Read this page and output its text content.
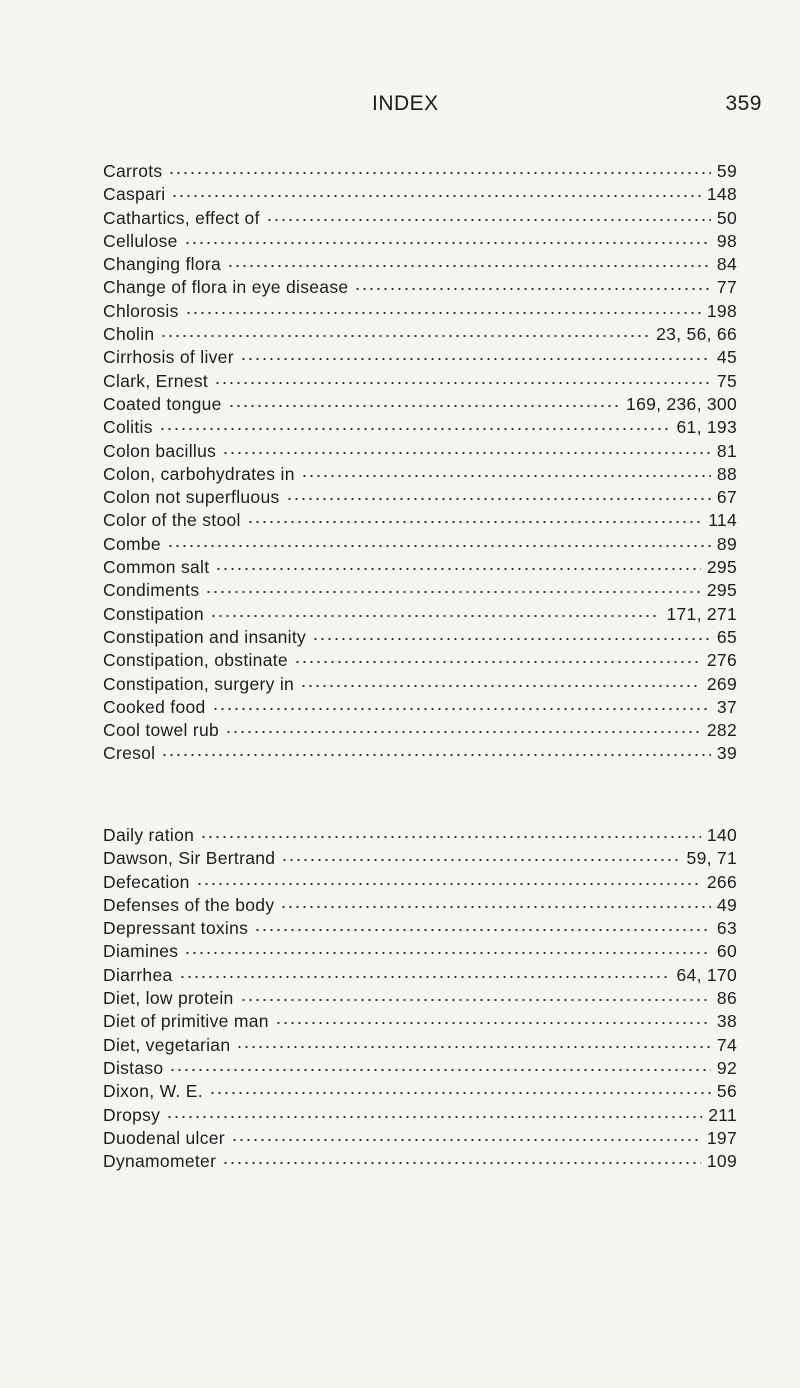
INDEX	359
Carrots	59
Caspari	148
Cathartics, effect of	50
Cellulose	98
Changing flora	84
Change of flora in eye disease	77
Chlorosis	198
Cholin	23, 56, 66
Cirrhosis of liver	45
Clark, Ernest	75
Coated tongue	169, 236, 300
Colitis	61, 193
Colon bacillus	81
Colon, carbohydrates in	88
Colon not superfluous	67
Color of the stool	114
Combe	89
Common salt	295
Condiments	295
Constipation	171, 271
Constipation and insanity	65
Constipation, obstinate	276
Constipation, surgery in	269
Cooked food	37
Cool towel rub	282
Cresol	39
Daily ration	140
Dawson, Sir Bertrand	59, 71
Defecation	266
Defenses of the body	49
Depressant toxins	63
Diamines	60
Diarrhea	64, 170
Diet, low protein	86
Diet of primitive man	38
Diet, vegetarian	74
Distaso	92
Dixon, W. E.	56
Dropsy	211
Duodenal ulcer	197
Dynamometer	109
